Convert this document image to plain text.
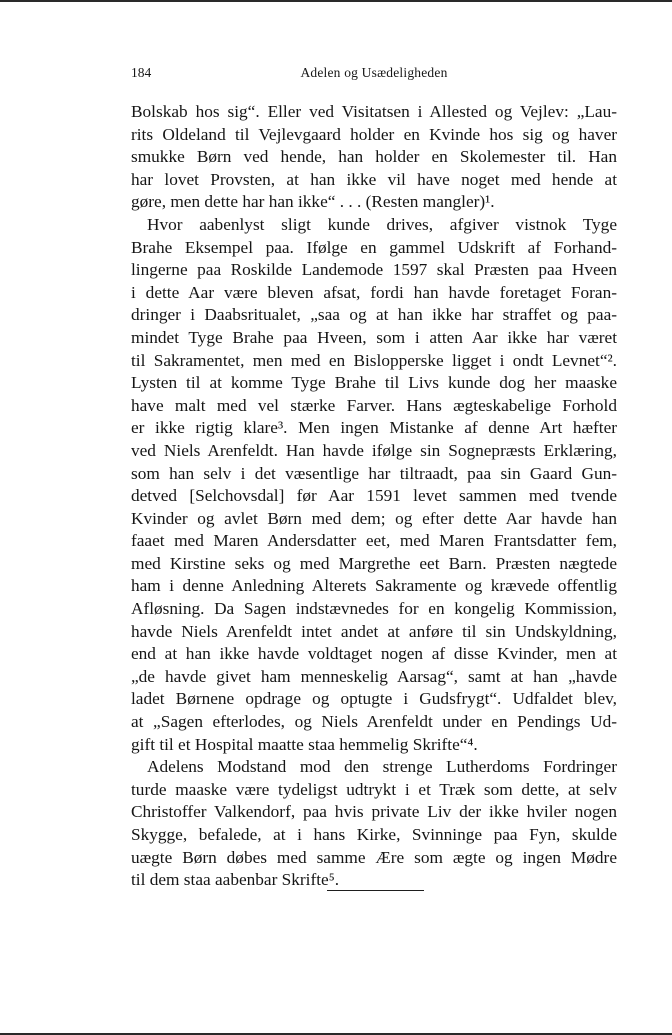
184	Adelen og Usædeligheden
Bolskab hos sig“. Eller ved Visitatsen i Allested og Vejlev: „Lau-
rits Oldeland til Vejlevgaard holder en Kvinde hos sig og haver
smukke Børn ved hende, han holder en Skolemester til. Han
har lovet Provsten, at han ikke vil have noget med hende at
gøre, men dette har han ikke“ . . . (Resten mangler)¹.
Hvor aabenlyst sligt kunde drives, afgiver vistnok Tyge
Brahe Eksempel paa. Ifølge en gammel Udskrift af Forhand-
lingerne paa Roskilde Landemode 1597 skal Præsten paa Hveen
i dette Aar være bleven afsat, fordi han havde foretaget Foran-
dringer i Daabsritualet, „saa og at han ikke har straffet og paa-
mindet Tyge Brahe paa Hveen, som i atten Aar ikke har været
til Sakramentet, men med en Bislopperske ligget i ondt Levnet“².
Lysten til at komme Tyge Brahe til Livs kunde dog her maaske
have malt med vel stærke Farver. Hans ægteskabelige Forhold
er ikke rigtig klare³. Men ingen Mistanke af denne Art hæfter
ved Niels Arenfeldt. Han havde ifølge sin Sognepræsts Erklæring,
som han selv i det væsentlige har tiltraadt, paa sin Gaard Gun-
detved [Selchovsdal] før Aar 1591 levet sammen med tvende
Kvinder og avlet Børn med dem; og efter dette Aar havde han
faaet med Maren Andersdatter eet, med Maren Frantsdatter fem,
med Kirstine seks og med Margrethe eet Barn. Præsten nægtede
ham i denne Anledning Alterets Sakramente og krævede offentlig
Afløsning. Da Sagen indstævnedes for en kongelig Kommission,
havde Niels Arenfeldt intet andet at anføre til sin Undskyldning,
end at han ikke havde voldtaget nogen af disse Kvinder, men at
„de havde givet ham menneskelig Aarsag“, samt at han „havde
ladet Børnene opdrage og optugte i Gudsfrygt“. Udfaldet blev,
at „Sagen efterlodes, og Niels Arenfeldt under en Pendings Ud-
gift til et Hospital maatte staa hemmelig Skrifte“⁴.
Adelens Modstand mod den strenge Lutherdoms Fordringer
turde maaske være tydeligst udtrykt i et Træk som dette, at selv
Christoffer Valkendorf, paa hvis private Liv der ikke hviler nogen
Skygge, befalede, at i hans Kirke, Svinninge paa Fyn, skulde
uægte Børn døbes med samme Ære som ægte og ingen Mødre
til dem staa aabenbar Skrifte⁵.
